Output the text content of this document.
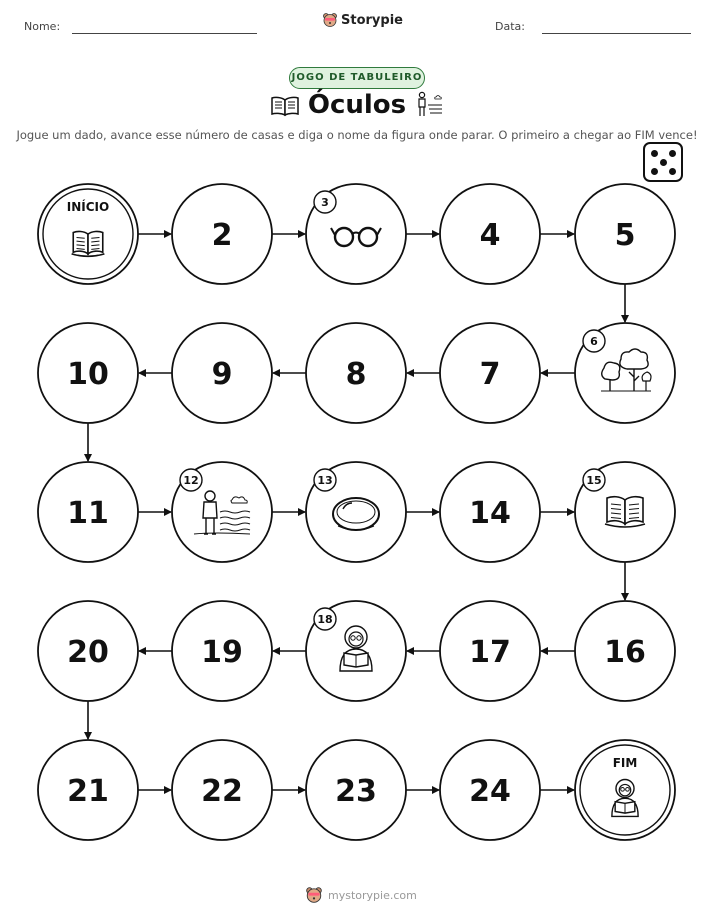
Nome:	Storypie	Data:
JOGO DE TABULEIRO
Óculos
Jogue um dado, avance esse número de casas e diga o nome da figura onde parar. O primeiro a chegar ao FIM vence!
INÍCIO
2
3
4	5
6
7
8
9
10
11
12	13
14
15
16
17
18
19
20
21	22	23	24
FIM
mystorypie.com
